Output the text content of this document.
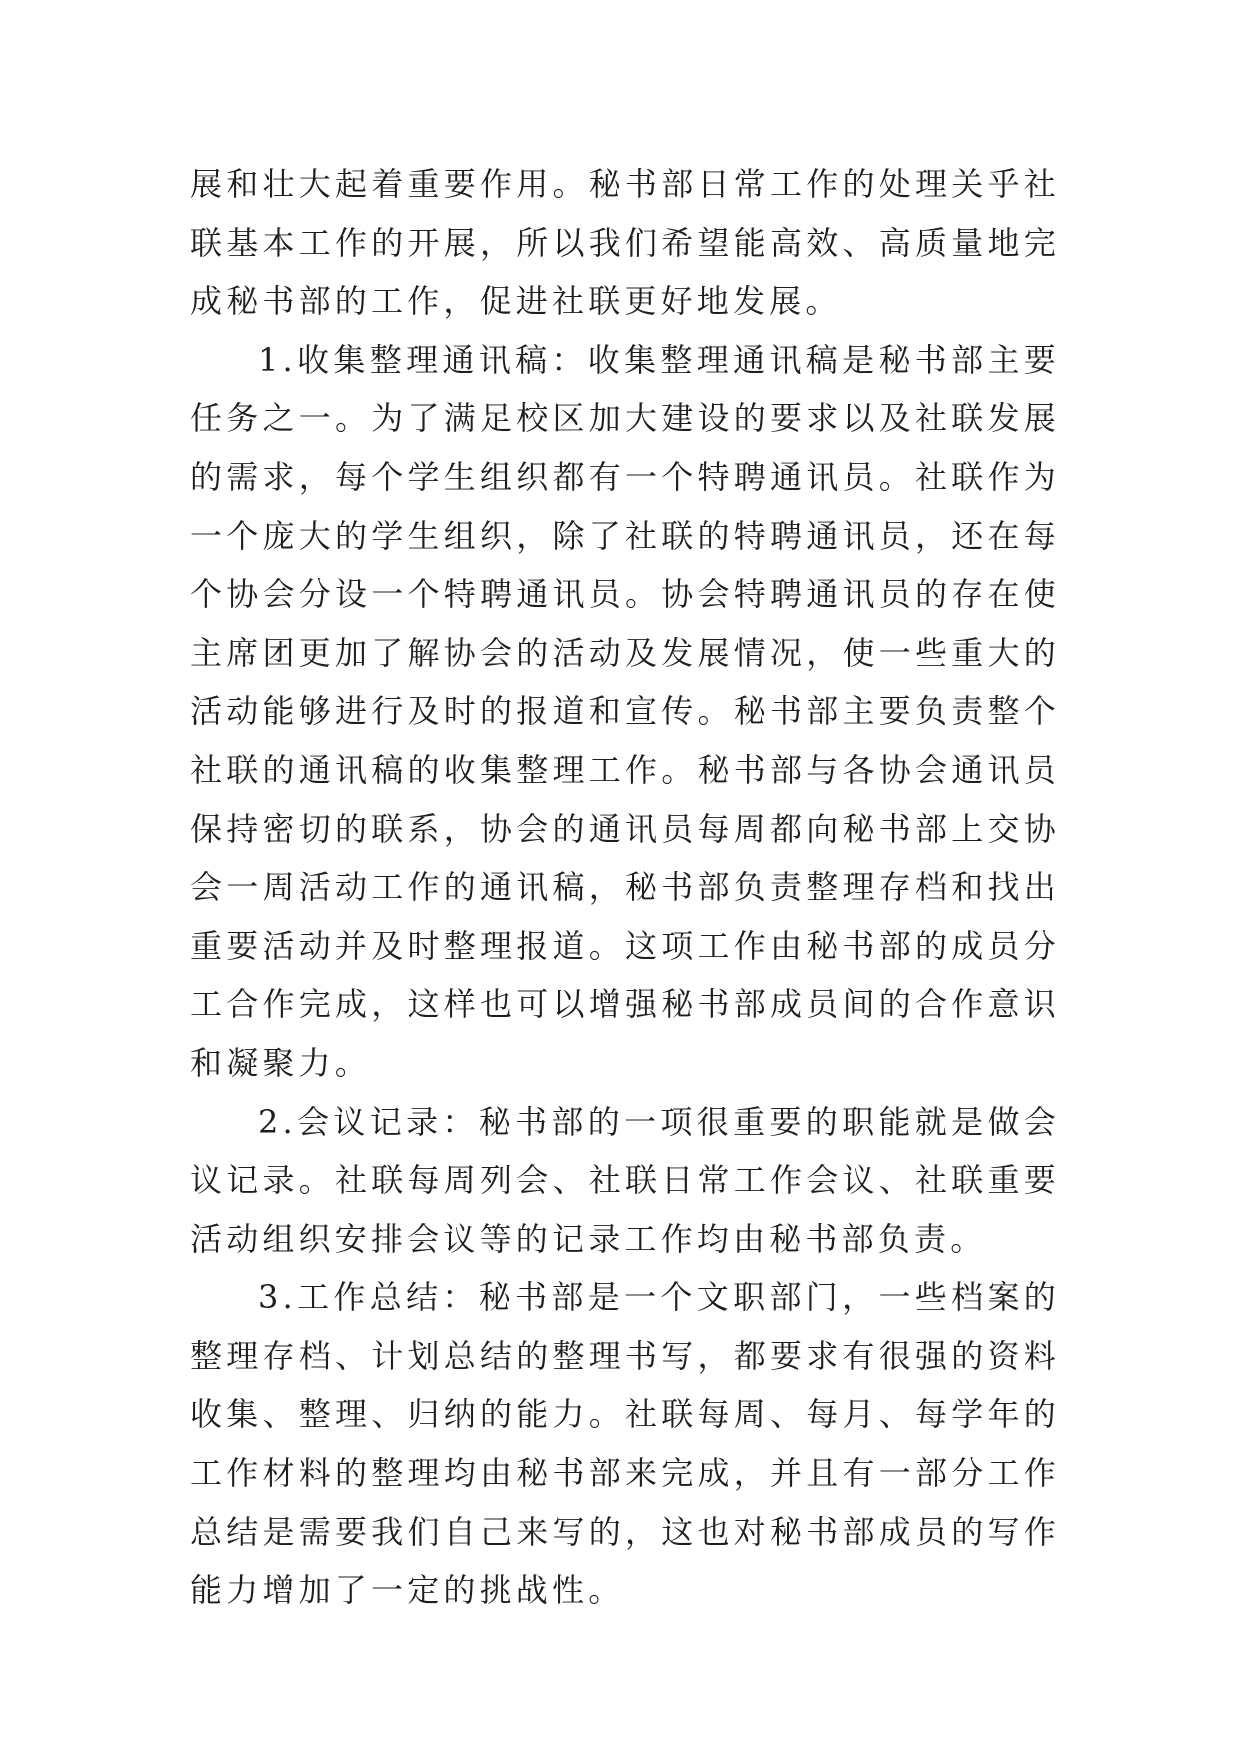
展和壮大起着重要作用。秘书部日常工作的处理关乎社联基本工作的开展，所以我们希望能高效、高质量地完成秘书部的工作，促进社联更好地发展。

1.收集整理通讯稿：收集整理通讯稿是秘书部主要任务之一。为了满足校区加大建设的要求以及社联发展的需求，每个学生组织都有一个特聘通讯员。社联作为一个庞大的学生组织，除了社联的特聘通讯员，还在每个协会分设一个特聘通讯员。协会特聘通讯员的存在使主席团更加了解协会的活动及发展情况，使一些重大的活动能够进行及时的报道和宣传。秘书部主要负责整个社联的通讯稿的收集整理工作。秘书部与各协会通讯员保持密切的联系，协会的通讯员每周都向秘书部上交协会一周活动工作的通讯稿，秘书部负责整理存档和找出重要活动并及时整理报道。这项工作由秘书部的成员分工合作完成，这样也可以增强秘书部成员间的合作意识和凝聚力。

2.会议记录：秘书部的一项很重要的职能就是做会议记录。社联每周列会、社联日常工作会议、社联重要活动组织安排会议等的记录工作均由秘书部负责。

3.工作总结：秘书部是一个文职部门，一些档案的整理存档、计划总结的整理书写，都要求有很强的资料收集、整理、归纳的能力。社联每周、每月、每学年的工作材料的整理均由秘书部来完成，并且有一部分工作总结是需要我们自己来写的，这也对秘书部成员的写作能力增加了一定的挑战性。
